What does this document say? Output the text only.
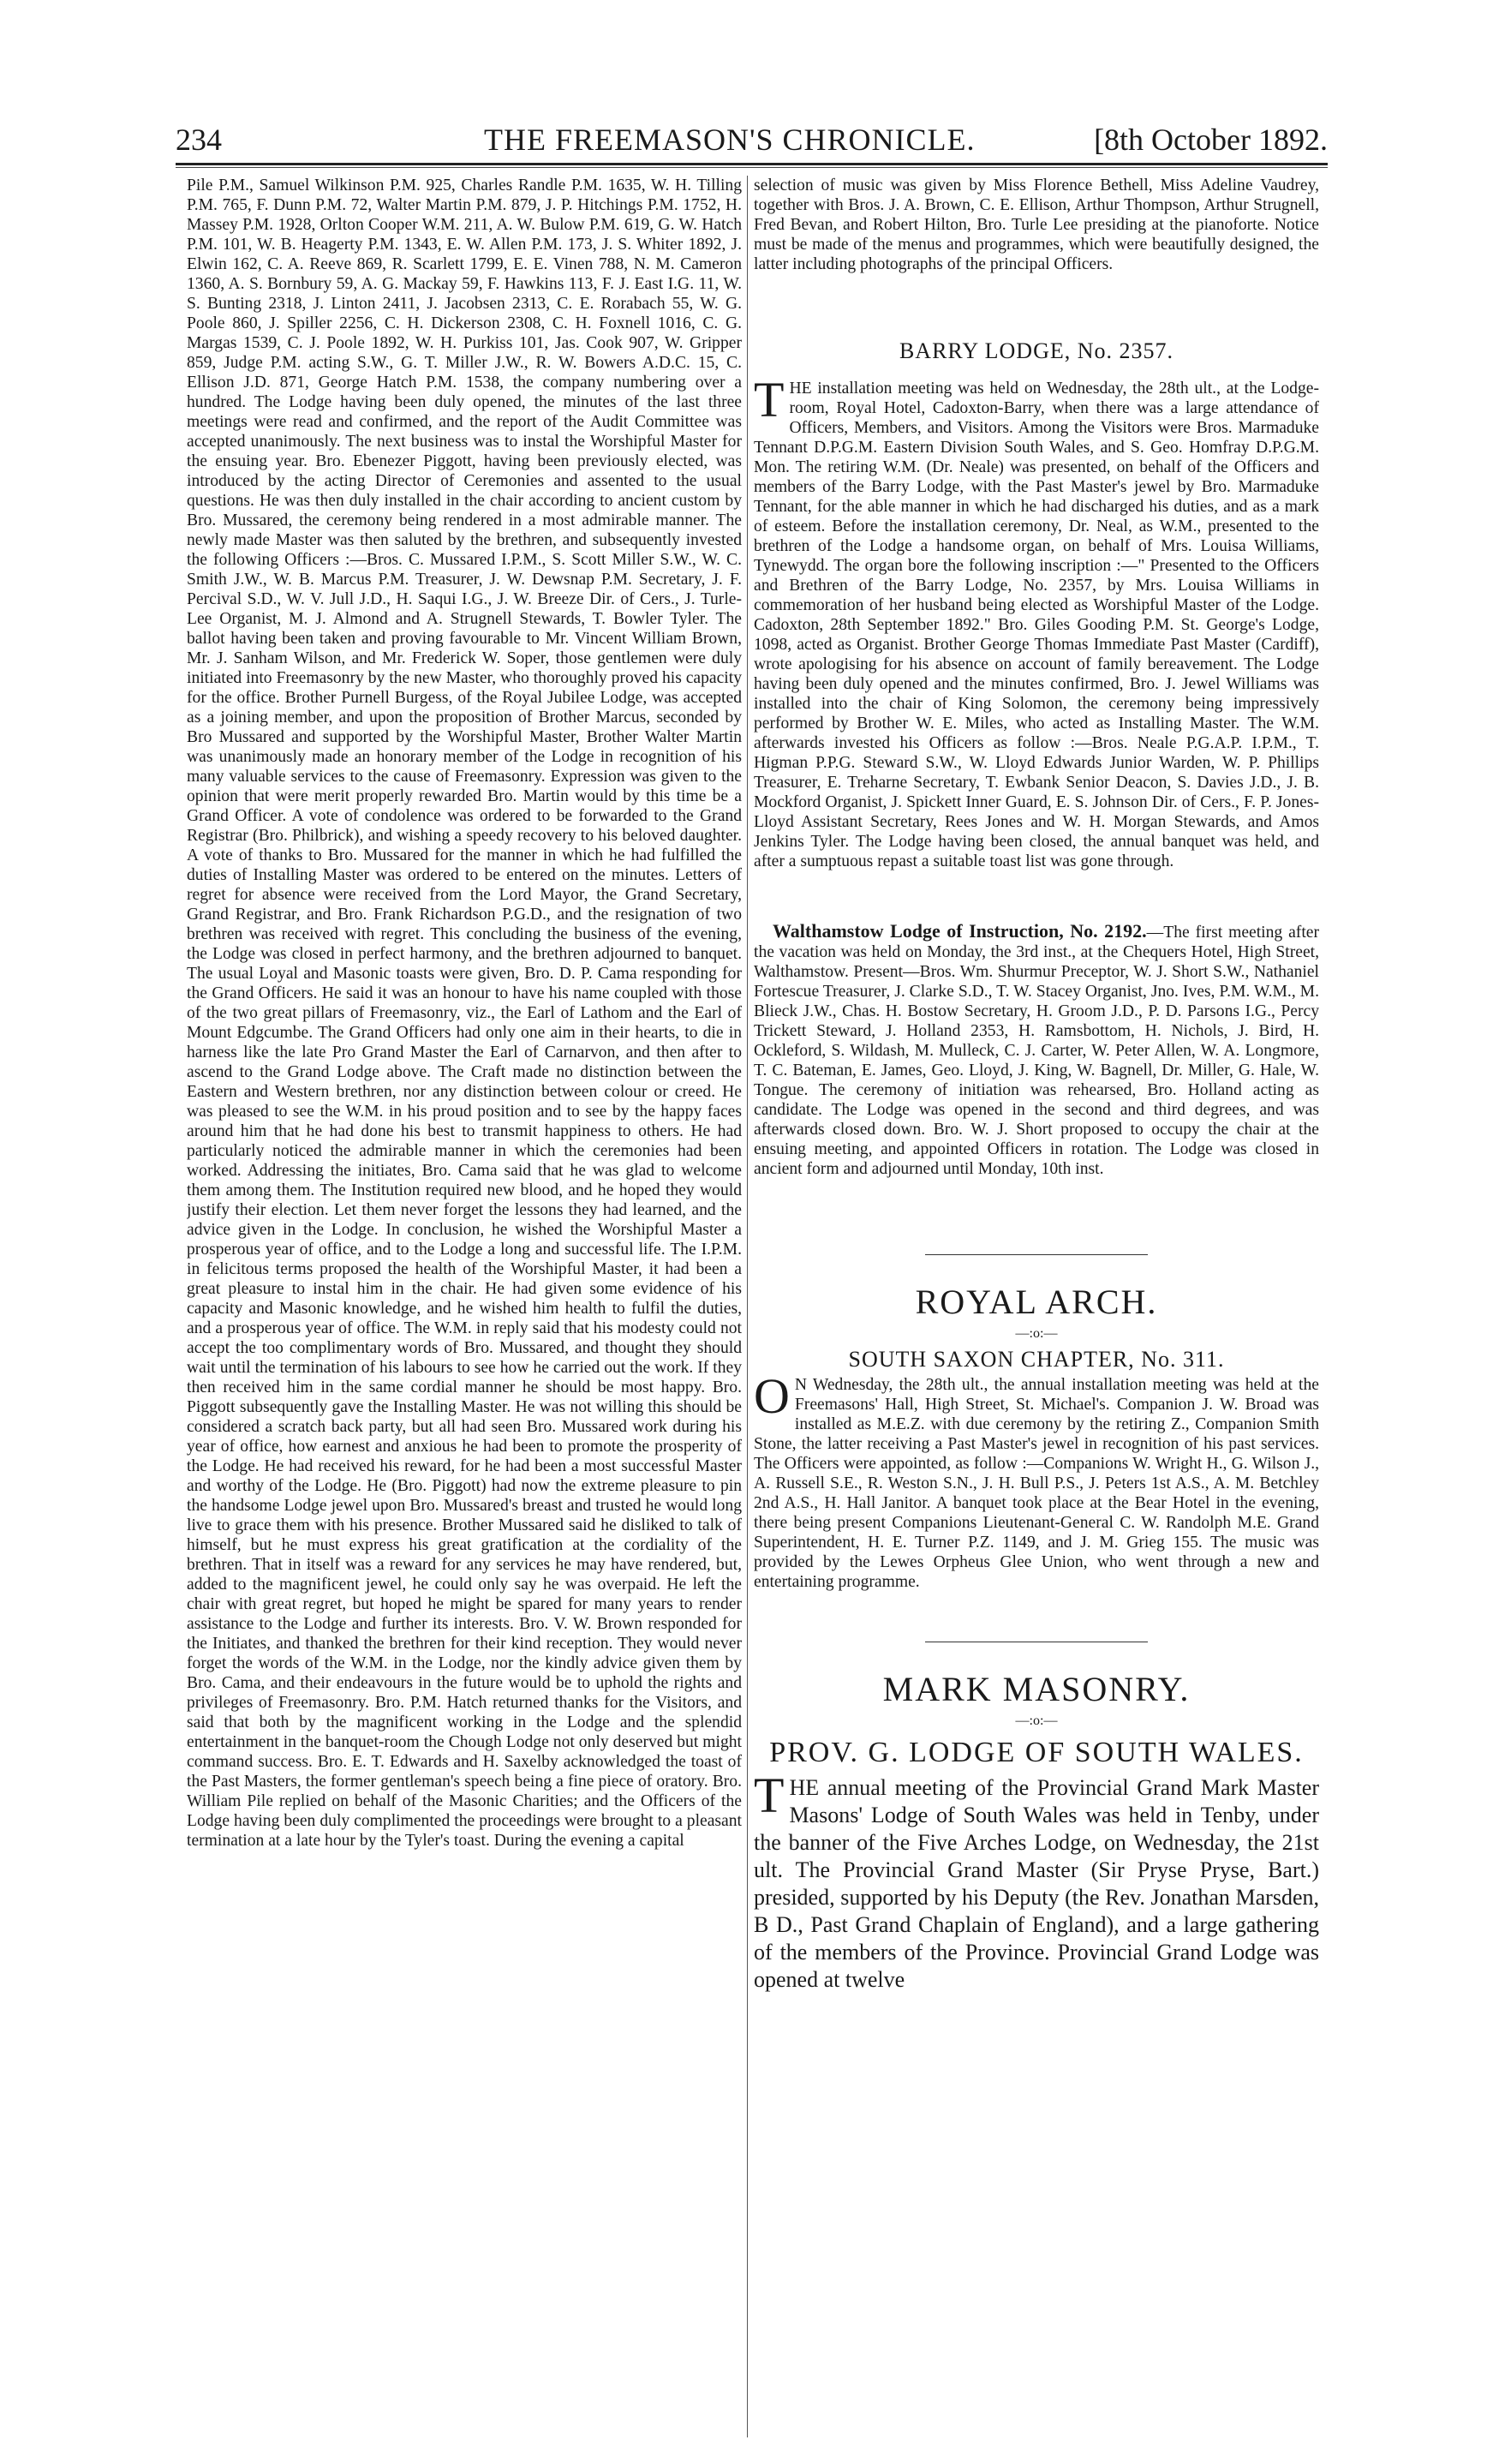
234	THE FREEMASON'S CHRONICLE.	[8th October 1892.

Pile P.M., Samuel Wilkinson P.M. 925, Charles Randle P.M. 1635, W. H. Tilling P.M. 765, F. Dunn P.M. 72, Walter Martin P.M. 879, J. P. Hitchings P.M. 1752, H. Massey P.M. 1928, Orlton Cooper W.M. 211, A. W. Bulow P.M. 619, G. W. Hatch P.M. 101, W. B. Heagerty P.M. 1343, E. W. Allen P.M. 173, J. S. Whiter 1892, J. Elwin 162, C. A. Reeve 869, R. Scarlett 1799, E. E. Vinen 788, N. M. Cameron 1360, A. S. Bornbury 59, A. G. Mackay 59, F. Hawkins 113, F. J. East I.G. 11, W. S. Bunting 2318, J. Linton 2411, J. Jacobsen 2313, C. E. Rorabach 55, W. G. Poole 860, J. Spiller 2256, C. H. Dickerson 2308, C. H. Foxnell 1016, C. G. Margas 1539, C. J. Poole 1892, W. H. Purkiss 101, Jas. Cook 907, W. Gripper 859, Judge P.M. acting S.W., G. T. Miller J.W., R. W. Bowers A.D.C. 15, C. Ellison J.D. 871, George Hatch P.M. 1538, the company numbering over a hundred. The Lodge having been duly opened, the minutes of the last three meetings were read and confirmed, and the report of the Audit Committee was accepted unanimously. The next business was to instal the Worshipful Master for the ensuing year. Bro. Ebenezer Piggott, having been previously elected, was introduced by the acting Director of Ceremonies and assented to the usual questions. He was then duly installed in the chair according to ancient custom by Bro. Mussared, the ceremony being rendered in a most admirable manner. The newly made Master was then saluted by the brethren, and subsequently invested the following Officers :—Bros. C. Mussared I.P.M., S. Scott Miller S.W., W. C. Smith J.W., W. B. Marcus P.M. Treasurer, J. W. Dewsnap P.M. Secretary, J. F. Percival S.D., W. V. Jull J.D., H. Saqui I.G., J. W. Breeze Dir. of Cers., J. Turle-Lee Organist, M. J. Almond and A. Strugnell Stewards, T. Bowler Tyler. The ballot having been taken and proving favourable to Mr. Vincent William Brown, Mr. J. Sanham Wilson, and Mr. Frederick W. Soper, those gentlemen were duly initiated into Freemasonry by the new Master, who thoroughly proved his capacity for the office. Brother Purnell Burgess, of the Royal Jubilee Lodge, was accepted as a joining member, and upon the proposition of Brother Marcus, seconded by Bro Mussared and supported by the Worshipful Master, Brother Walter Martin was unanimously made an honorary member of the Lodge in recognition of his many valuable services to the cause of Freemasonry. Expression was given to the opinion that were merit properly rewarded Bro. Martin would by this time be a Grand Officer. A vote of condolence was ordered to be forwarded to the Grand Registrar (Bro. Philbrick), and wishing a speedy recovery to his beloved daughter. A vote of thanks to Bro. Mussared for the manner in which he had fulfilled the duties of Installing Master was ordered to be entered on the minutes. Letters of regret for absence were received from the Lord Mayor, the Grand Secretary, Grand Registrar, and Bro. Frank Richardson P.G.D., and the resignation of two brethren was received with regret. This concluding the business of the evening, the Lodge was closed in perfect harmony, and the brethren adjourned to banquet. The usual Loyal and Masonic toasts were given, Bro. D. P. Cama responding for the Grand Officers. He said it was an honour to have his name coupled with those of the two great pillars of Freemasonry, viz., the Earl of Lathom and the Earl of Mount Edgcumbe. The Grand Officers had only one aim in their hearts, to die in harness like the late Pro Grand Master the Earl of Carnarvon, and then after to ascend to the Grand Lodge above. The Craft made no distinction between the Eastern and Western brethren, nor any distinction between colour or creed. He was pleased to see the W.M. in his proud position and to see by the happy faces around him that he had done his best to transmit happiness to others. He had particularly noticed the admirable manner in which the ceremonies had been worked. Addressing the initiates, Bro. Cama said that he was glad to welcome them among them. The Institution required new blood, and he hoped they would justify their election. Let them never forget the lessons they had learned, and the advice given in the Lodge. In conclusion, he wished the Worshipful Master a prosperous year of office, and to the Lodge a long and successful life. The I.P.M. in felicitous terms proposed the health of the Worshipful Master, it had been a great pleasure to instal him in the chair. He had given some evidence of his capacity and Masonic knowledge, and he wished him health to fulfil the duties, and a prosperous year of office. The W.M. in reply said that his modesty could not accept the too complimentary words of Bro. Mussared, and thought they should wait until the termination of his labours to see how he carried out the work. If they then received him in the same cordial manner he should be most happy. Bro. Piggott subsequently gave the Installing Master. He was not willing this should be considered a scratch back party, but all had seen Bro. Mussared work during his year of office, how earnest and anxious he had been to promote the prosperity of the Lodge. He had received his reward, for he had been a most successful Master and worthy of the Lodge. He (Bro. Piggott) had now the extreme pleasure to pin the handsome Lodge jewel upon Bro. Mussared's breast and trusted he would long live to grace them with his presence. Brother Mussared said he disliked to talk of himself, but he must express his great gratification at the cordiality of the brethren. That in itself was a reward for any services he may have rendered, but, added to the magnificent jewel, he could only say he was overpaid. He left the chair with great regret, but hoped he might be spared for many years to render assistance to the Lodge and further its interests. Bro. V. W. Brown responded for the Initiates, and thanked the brethren for their kind reception. They would never forget the words of the W.M. in the Lodge, nor the kindly advice given them by Bro. Cama, and their endeavours in the future would be to uphold the rights and privileges of Freemasonry. Bro. P.M. Hatch returned thanks for the Visitors, and said that both by the magnificent working in the Lodge and the splendid entertainment in the banquet-room the Chough Lodge not only deserved but might command success. Bro. E. T. Edwards and H. Saxelby acknowledged the toast of the Past Masters, the former gentleman's speech being a fine piece of oratory. Bro. William Pile replied on behalf of the Masonic Charities; and the Officers of the Lodge having been duly complimented the proceedings were brought to a pleasant termination at a late hour by the Tyler's toast. During the evening a capital

selection of music was given by Miss Florence Bethell, Miss Adeline Vaudrey, together with Bros. J. A. Brown, C. E. Ellison, Arthur Thompson, Arthur Strugnell, Fred Bevan, and Robert Hilton, Bro. Turle Lee presiding at the pianoforte. Notice must be made of the menus and programmes, which were beautifully designed, the latter including photographs of the principal Officers.

BARRY LODGE, No. 2357.

THE installation meeting was held on Wednesday, the 28th ult., at the Lodge-room, Royal Hotel, Cadoxton-Barry, when there was a large attendance of Officers, Members, and Visitors. Among the Visitors were Bros. Marmaduke Tennant D.P.G.M. Eastern Division South Wales, and S. Geo. Homfray D.P.G.M. Mon. The retiring W.M. (Dr. Neale) was presented, on behalf of the Officers and members of the Barry Lodge, with the Past Master's jewel by Bro. Marmaduke Tennant, for the able manner in which he had discharged his duties, and as a mark of esteem. Before the installation ceremony, Dr. Neal, as W.M., presented to the brethren of the Lodge a handsome organ, on behalf of Mrs. Louisa Williams, Tynewydd. The organ bore the following inscription :—" Presented to the Officers and Brethren of the Barry Lodge, No. 2357, by Mrs. Louisa Williams in commemoration of her husband being elected as Worshipful Master of the Lodge. Cadoxton, 28th September 1892." Bro. Giles Gooding P.M. St. George's Lodge, 1098, acted as Organist. Brother George Thomas Immediate Past Master (Cardiff), wrote apologising for his absence on account of family bereavement. The Lodge having been duly opened and the minutes confirmed, Bro. J. Jewel Williams was installed into the chair of King Solomon, the ceremony being impressively performed by Brother W. E. Miles, who acted as Installing Master. The W.M. afterwards invested his Officers as follow :—Bros. Neale P.G.A.P. I.P.M., T. Higman P.P.G. Steward S.W., W. Lloyd Edwards Junior Warden, W. P. Phillips Treasurer, E. Treharne Secretary, T. Ewbank Senior Deacon, S. Davies J.D., J. B. Mockford Organist, J. Spickett Inner Guard, E. S. Johnson Dir. of Cers., F. P. Jones-Lloyd Assistant Secretary, Rees Jones and W. H. Morgan Stewards, and Amos Jenkins Tyler. The Lodge having been closed, the annual banquet was held, and after a sumptuous repast a suitable toast list was gone through.

Walthamstow Lodge of Instruction, No. 2192.—The first meeting after the vacation was held on Monday, the 3rd inst., at the Chequers Hotel, High Street, Walthamstow. Present—Bros. Wm. Shurmur Preceptor, W. J. Short S.W., Nathaniel Fortescue Treasurer, J. Clarke S.D., T. W. Stacey Organist, Jno. Ives, P.M. W.M., M. Blieck J.W., Chas. H. Bostow Secretary, H. Groom J.D., P. D. Parsons I.G., Percy Trickett Steward, J. Holland 2353, H. Ramsbottom, H. Nichols, J. Bird, H. Ockleford, S. Wildash, M. Mulleck, C. J. Carter, W. Peter Allen, W. A. Longmore, T. C. Bateman, E. James, Geo. Lloyd, J. King, W. Bagnell, Dr. Miller, G. Hale, W. Tongue. The ceremony of initiation was rehearsed, Bro. Holland acting as candidate. The Lodge was opened in the second and third degrees, and was afterwards closed down. Bro. W. J. Short proposed to occupy the chair at the ensuing meeting, and appointed Officers in rotation. The Lodge was closed in ancient form and adjourned until Monday, 10th inst.

ROYAL ARCH.
—:o:—
SOUTH SAXON CHAPTER, No. 311.

O N Wednesday, the 28th ult., the annual installation meeting was held at the Freemasons' Hall, High Street, St. Michael's. Companion J. W. Broad was installed as M.E.Z. with due ceremony by the retiring Z., Companion Smith Stone, the latter receiving a Past Master's jewel in recognition of his past services. The Officers were appointed, as follow :—Companions W. Wright H., G. Wilson J., A. Russell S.E., R. Weston S.N., J. H. Bull P.S., J. Peters 1st A.S., A. M. Betchley 2nd A.S., H. Hall Janitor. A banquet took place at the Bear Hotel in the evening, there being present Companions Lieutenant-General C. W. Randolph M.E. Grand Superintendent, H. E. Turner P.Z. 1149, and J. M. Grieg 155. The music was provided by the Lewes Orpheus Glee Union, who went through a new and entertaining programme.

MARK MASONRY.
—:o:—
PROV. G. LODGE OF SOUTH WALES.

THE annual meeting of the Provincial Grand Mark Master Masons' Lodge of South Wales was held in Tenby, under the banner of the Five Arches Lodge, on Wednesday, the 21st ult. The Provincial Grand Master (Sir Pryse Pryse, Bart.) presided, supported by his Deputy (the Rev. Jonathan Marsden, B D., Past Grand Chaplain of England), and a large gathering of the members of the Province. Provincial Grand Lodge was opened at twelve
